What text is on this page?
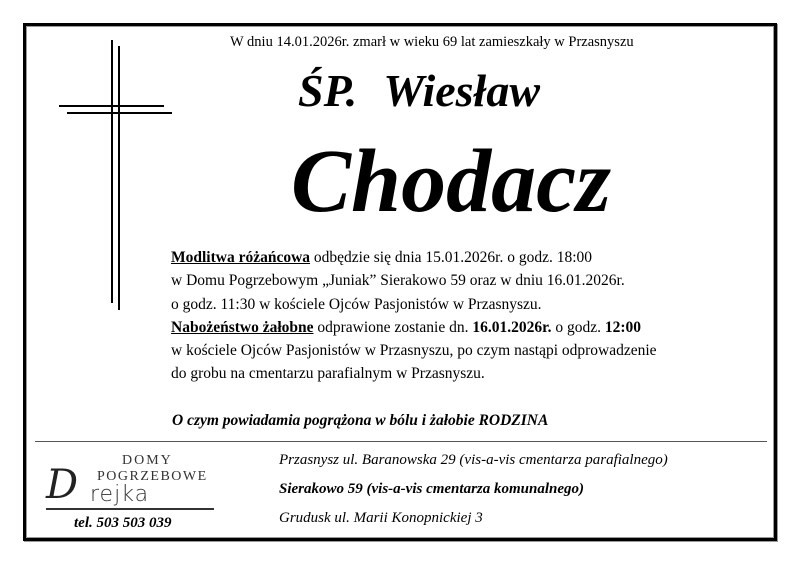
W dniu 14.01.2026r. zmarł w wieku 69 lat zamieszkały w Przasnyszu
ŚP. Wiesław
Chodacz
Modlitwa różańcowa odbędzie się dnia 15.01.2026r. o godz. 18:00
w Domu Pogrzebowym „Juniak” Sierakowo 59 oraz w dniu 16.01.2026r.
o godz. 11:30 w kościele Ojców Pasjonistów w Przasnyszu.
Nabożeństwo żałobne odprawione zostanie dn. 16.01.2026r. o godz. 12:00
w kościele Ojców Pasjonistów w Przasnyszu, po czym nastąpi odprowadzenie
do grobu na cmentarzu parafialnym w Przasnyszu.
O czym powiadamia pogrążona w bólu i żałobie RODZINA
DOMY
POGRZEBOWE
D rejka
tel. 503 503 039
Przasnysz ul. Baranowska 29 (vis-a-vis cmentarza parafialnego)
Sierakowo 59 (vis-a-vis cmentarza komunalnego)
Grudusk ul. Marii Konopnickiej 3
